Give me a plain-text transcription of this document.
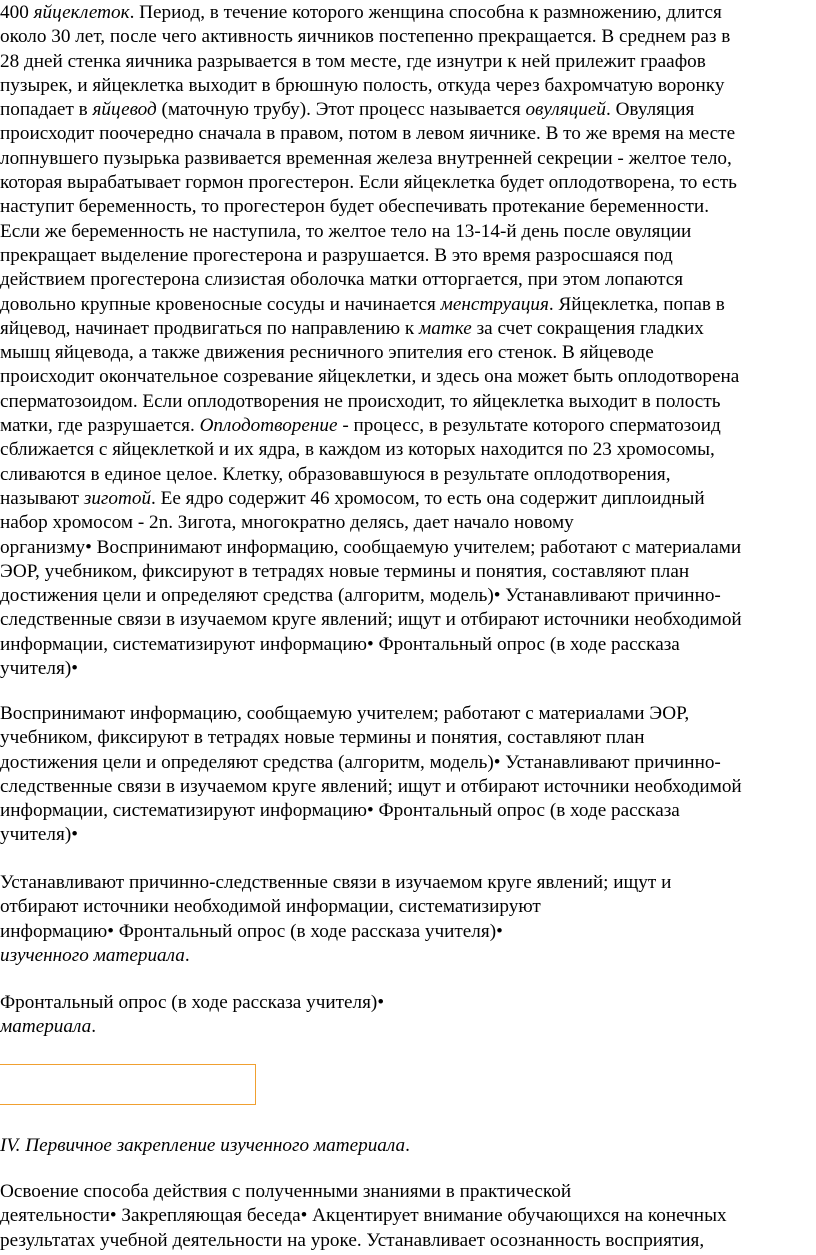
400 яйцеклеток. Период, в течение которого женщина способна к размножению, длится
около 30 лет, после чего активность яичников постепенно прекращается. В среднем раз в
28 дней стенка яичника разрывается в том месте, где изнутри к ней прилежит граафов
пузырек, и яйцеклетка выходит в брюшную полость, откуда через бахромчатую воронку
попадает в яйцевод (маточную трубу). Этот процесс называется овуляцией. Овуляция
происходит поочередно сначала в правом, потом в левом яичнике. В то же время на месте
лопнувшего пузырька развивается временная железа внутренней секреции - желтое тело,
которая вырабатывает гормон прогестерон. Если яйцеклетка будет оплодотворена, то есть
наступит беременность, то прогестерон будет обеспечивать протекание беременности.
Если же беременность не наступила, то желтое тело на 13-14-й день после овуляции
прекращает выделение прогестерона и разрушается. В это время разросшаяся под
действием прогестерона слизистая оболочка матки отторгается, при этом лопаются
довольно крупные кровеносные сосуды и начинается менструация. Яйцеклетка, попав в
яйцевод, начинает продвигаться по направлению к матке за счет сокращения гладких
мышц яйцевода, а также движения ресничного эпителия его стенок. В яйцеводе
происходит окончательное созревание яйцеклетки, и здесь она может быть оплодотворена
сперматозоидом. Если оплодотворения не происходит, то яйцеклетка выходит в полость
матки, где разрушается. Оплодотворение - процесс, в результате которого сперматозоид
сближается с яйцеклеткой и их ядра, в каждом из которых находится по 23 хромосомы,
сливаются в единое целое. Клетку, образовавшуюся в результате оплодотворения,
называют зиготой. Ее ядро содержит 46 хромосом, то есть она содержит диплоидный
набор хромосом - 2n. Зигота, многократно делясь, дает начало новому
организму• Воспринимают информацию, сообщаемую учителем; работают с материалами
ЭОР, учебником, фиксируют в тетрадях новые термины и понятия, составляют план
достижения цели и определяют средства (алгоритм, модель)• Устанавливают причинно-
следственные связи в изучаемом круге явлений; ищут и отбирают источники необходимой
информации, систематизируют информацию• Фронтальный опрос (в ходе рассказа
учителя)•
Воспринимают информацию, сообщаемую учителем; работают с материалами ЭОР,
учебником, фиксируют в тетрадях новые термины и понятия, составляют план
достижения цели и определяют средства (алгоритм, модель)• Устанавливают причинно-
следственные связи в изучаемом круге явлений; ищут и отбирают источники необходимой
информации, систематизируют информацию• Фронтальный опрос (в ходе рассказа
учителя)•
Устанавливают причинно-следственные связи в изучаемом круге явлений; ищут и
отбирают источники необходимой информации, систематизируют
информацию• Фронтальный опрос (в ходе рассказа учителя)•
изученного материала.
Фронтальный опрос (в ходе рассказа учителя)•
материала.
IV. Первичное закрепление изученного материала.
Освоение способа действия с полученными знаниями в практической
деятельности• Закрепляющая беседа• Акцентирует внимание обучающихся на конечных
результатах учебной деятельности на уроке. Устанавливает осознанность восприятия,
